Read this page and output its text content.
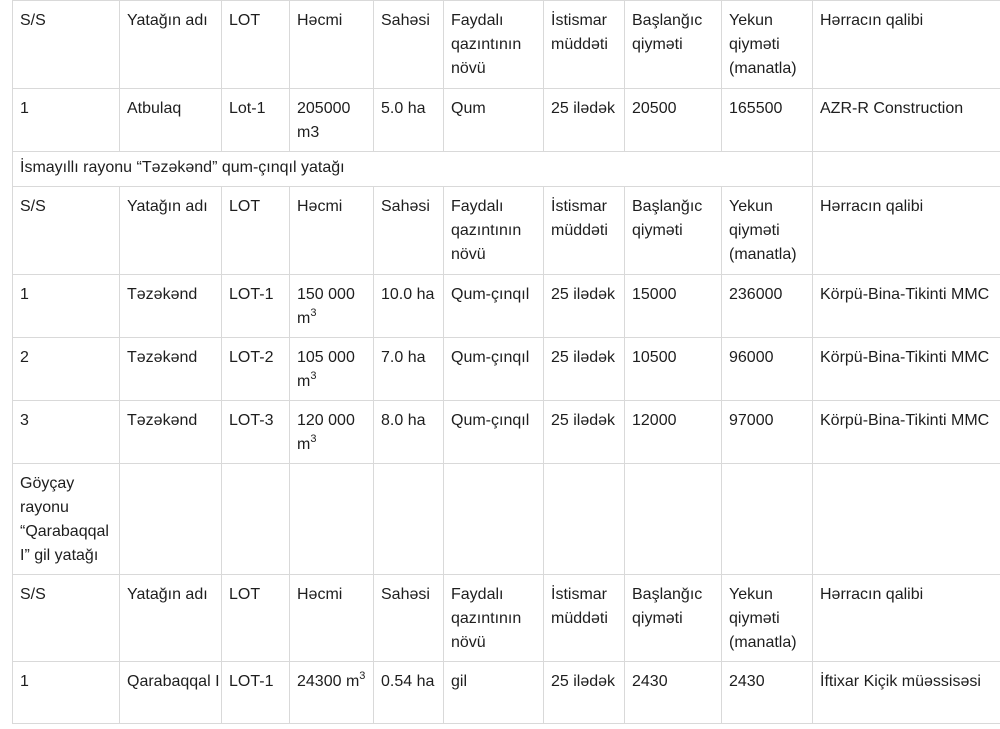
S/S	Yatağın adı	LOT	Həcmi	Sahəsi	Faydalı qazıntının növü	İstismar müddəti	Başlanğıc qiyməti	Yekun qiyməti (manatla)	Hərracın qalibi
1	Atbulaq	Lot-1	205000 m3	5.0 ha	Qum	25 ilədək	20500	165500	AZR-R Construction
İsmayıllı rayonu “Təzəkənd” qum-çınqıl yatağı									
S/S	Yatağın adı	LOT	Həcmi	Sahəsi	Faydalı qazıntının növü	İstismar müddəti	Başlanğıc qiyməti	Yekun qiyməti (manatla)	Hərracın qalibi
1	Təzəkənd	LOT-1	150 000 $m^3$	10.0 ha	Qum-çınqıl	25 ilədək	15000	236000	Körpü-Bina-Tikinti MMC
2	Təzəkənd	LOT-2	105 000 $m^3$	7.0 ha	Qum-çınqıl	25 ilədək	10500	96000	Körpü-Bina-Tikinti MMC
3	Təzəkənd	LOT-3	120 000 $m^3$	8.0 ha	Qum-çınqıl	25 ilədək	12000	97000	Körpü-Bina-Tikinti MMC
Göyçay rayonu “Qarabaqqal I” gil yatağı									
S/S	Yatağın adı	LOT	Həcmi	Sahəsi	Faydalı qazıntının növü	İstismar müddəti	Başlanğıc qiyməti	Yekun qiyməti (manatla)	Hərracın qalibi
1	Qarabaqqal I	LOT-1	24300 $m^3$	0.54 ha	gil	25 ilədək	2430	2430	İftixar Kiçik müəssisəsi
